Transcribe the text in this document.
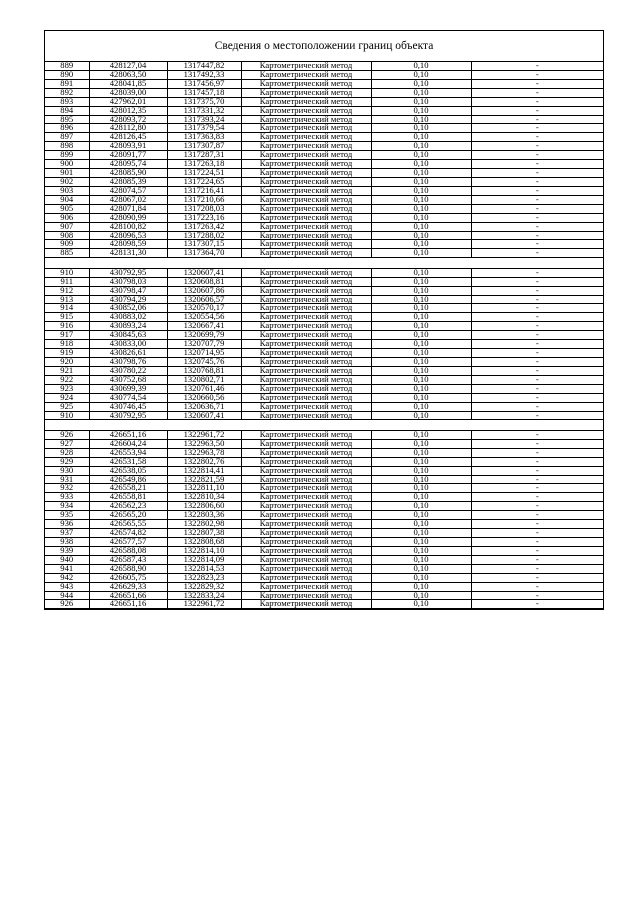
Сведения о местоположении границ объекта
889	428127,04	1317447,82	Картометрический метод	0,10	-
890	428063,50	1317492,33	Картометрический метод	0,10	-
891	428041,85	1317456,97	Картометрический метод	0,10	-
892	428039,00	1317457,18	Картометрический метод	0,10	-
893	427962,01	1317375,70	Картометрический метод	0,10	-
894	428012,35	1317331,32	Картометрический метод	0,10	-
895	428093,72	1317393,24	Картометрический метод	0,10	-
896	428112,80	1317379,54	Картометрический метод	0,10	-
897	428126,45	1317363,83	Картометрический метод	0,10	-
898	428093,91	1317307,87	Картометрический метод	0,10	-
899	428091,77	1317287,31	Картометрический метод	0,10	-
900	428095,74	1317263,18	Картометрический метод	0,10	-
901	428085,90	1317224,51	Картометрический метод	0,10	-
902	428085,39	1317224,65	Картометрический метод	0,10	-
903	428074,57	1317216,41	Картометрический метод	0,10	-
904	428067,02	1317210,66	Картометрический метод	0,10	-
905	428071,84	1317208,03	Картометрический метод	0,10	-
906	428090,99	1317223,16	Картометрический метод	0,10	-
907	428100,82	1317263,42	Картометрический метод	0,10	-
908	428096,53	1317288,02	Картометрический метод	0,10	-
909	428098,59	1317307,15	Картометрический метод	0,10	-
885	428131,30	1317364,70	Картометрический метод	0,10	-

910	430792,95	1320607,41	Картометрический метод	0,10	-
911	430798,03	1320608,81	Картометрический метод	0,10	-
912	430798,47	1320607,86	Картометрический метод	0,10	-
913	430794,29	1320606,57	Картометрический метод	0,10	-
914	430852,06	1320570,17	Картометрический метод	0,10	-
915	430883,02	1320554,56	Картометрический метод	0,10	-
916	430893,24	1320667,41	Картометрический метод	0,10	-
917	430845,63	1320699,79	Картометрический метод	0,10	-
918	430833,00	1320707,79	Картометрический метод	0,10	-
919	430826,61	1320714,95	Картометрический метод	0,10	-
920	430798,76	1320745,76	Картометрический метод	0,10	-
921	430780,22	1320768,81	Картометрический метод	0,10	-
922	430752,68	1320802,71	Картометрический метод	0,10	-
923	430699,39	1320761,46	Картометрический метод	0,10	-
924	430774,54	1320660,56	Картометрический метод	0,10	-
925	430746,45	1320636,71	Картометрический метод	0,10	-
910	430792,95	1320607,41	Картометрический метод	0,10	-

926	426651,16	1322961,72	Картометрический метод	0,10	-
927	426604,24	1322963,50	Картометрический метод	0,10	-
928	426553,94	1322963,78	Картометрический метод	0,10	-
929	426531,58	1322802,76	Картометрический метод	0,10	-
930	426538,05	1322814,41	Картометрический метод	0,10	-
931	426549,86	1322821,59	Картометрический метод	0,10	-
932	426558,21	1322811,10	Картометрический метод	0,10	-
933	426558,81	1322810,34	Картометрический метод	0,10	-
934	426562,23	1322806,60	Картометрический метод	0,10	-
935	426565,20	1322803,36	Картометрический метод	0,10	-
936	426565,55	1322802,98	Картометрический метод	0,10	-
937	426574,82	1322807,38	Картометрический метод	0,10	-
938	426577,57	1322808,68	Картометрический метод	0,10	-
939	426588,08	1322814,10	Картометрический метод	0,10	-
940	426587,43	1322814,09	Картометрический метод	0,10	-
941	426588,90	1322814,53	Картометрический метод	0,10	-
942	426605,75	1322823,23	Картометрический метод	0,10	-
943	426629,33	1322829,32	Картометрический метод	0,10	-
944	426651,66	1322833,24	Картометрический метод	0,10	-
926	426651,16	1322961,72	Картометрический метод	0,10	-
